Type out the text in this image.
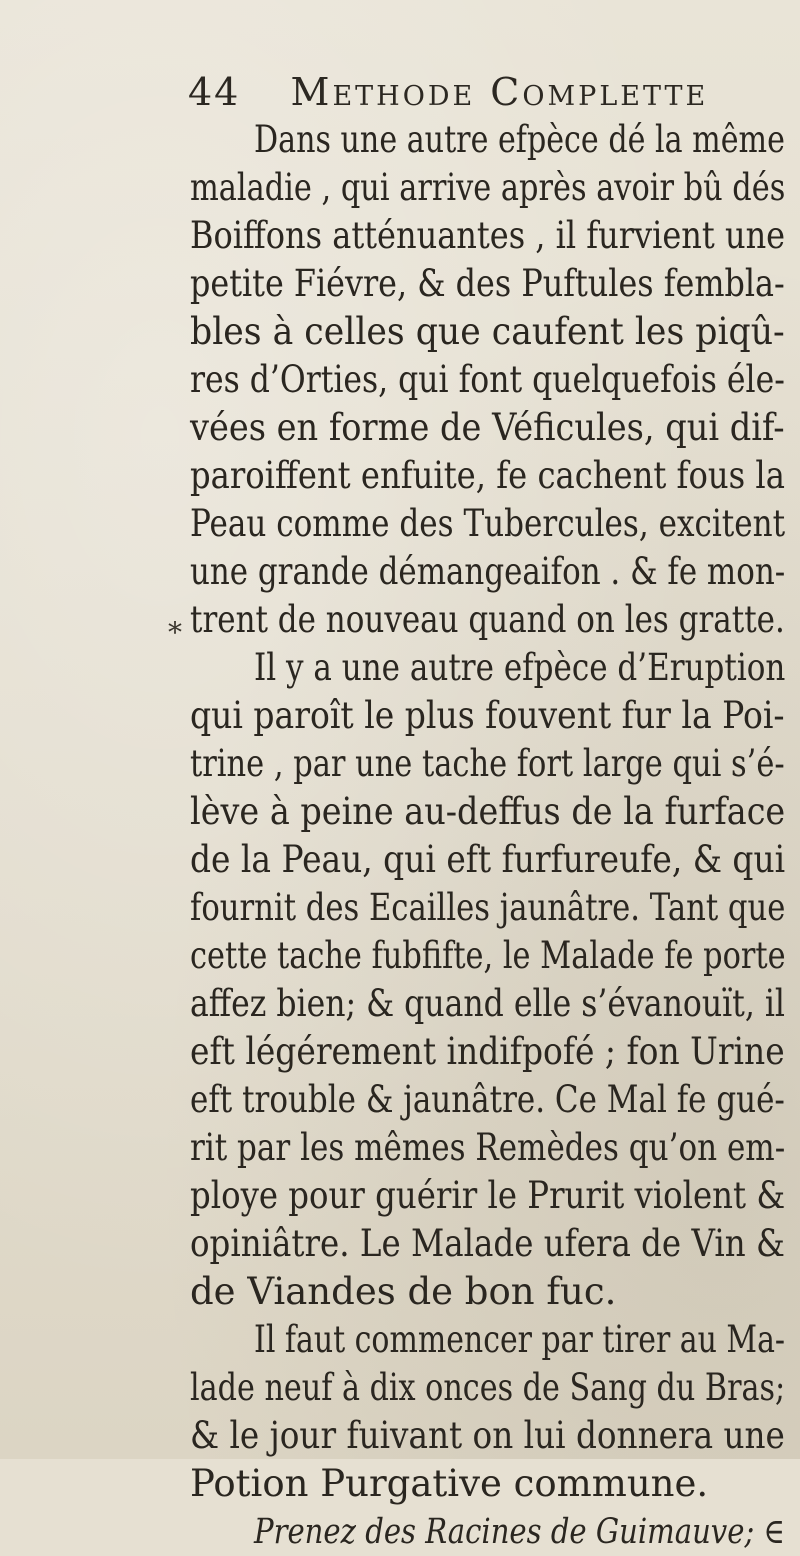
44 Methode Complette
*
Dans une autre efpèce dé la même
maladie , qui arrive après avoir bû dés
Boiffons atténuantes , il furvient une
petite Fiévre, & des Puftules fembla-
bles à celles que caufent les piqû-
res d’Orties, qui font quelquefois éle-
vées en forme de Véficules, qui dif-
paroiffent enfuite, fe cachent fous la
Peau comme des Tubercules, excitent
une grande démangeaifon . & fe mon-
trent de nouveau quand on les gratte.
Il y a une autre efpèce d’Eruption
qui paroît le plus fouvent fur la Poi-
trine , par une tache fort large qui s’é-
lève à peine au-deffus de la furface
de la Peau, qui eft furfureufe, & qui
fournit des Ecailles jaunâtre. Tant que
cette tache fubfifte, le Malade fe porte
affez bien; & quand elle s’évanouït, il
eft légérement indifpofé ; fon Urine
eft trouble & jaunâtre. Ce Mal fe gué-
rit par les mêmes Remèdes qu’on em-
ploye pour guérir le Prurit violent &
opiniâtre. Le Malade ufera de Vin &
de Viandes de bon fuc.
Il faut commencer par tirer au Ma-
lade neuf à dix onces de Sang du Bras;
& le jour fuivant on lui donnera une
Potion Purgative commune.
Prenez des Racines de Guimauve; ∈
